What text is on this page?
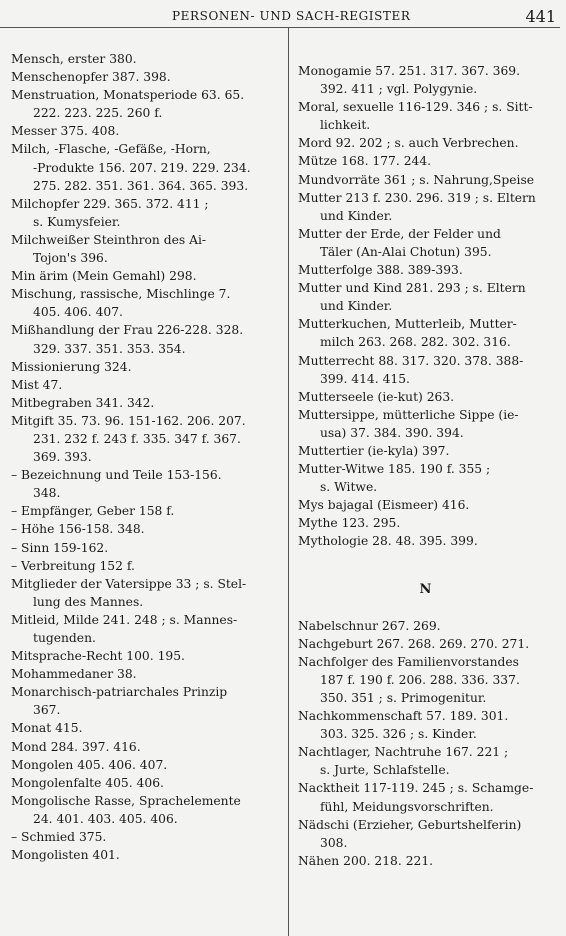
PERSONEN- UND SACH-REGISTER	441
Mensch, erster 380.
Menschenopfer 387. 398.
Menstruation, Monatsperiode 63. 65.
222. 223. 225. 260 f.
Messer 375. 408.
Milch, -Flasche, -Gefäße, -Horn,
-Produkte 156. 207. 219. 229. 234.
275. 282. 351. 361. 364. 365. 393.
Milchopfer 229. 365. 372. 411 ;
s. Kumysfeier.
Milchweißer Steinthron des Ai-
Tojon's 396.
Min ärim (Mein Gemahl) 298.
Mischung, rassische, Mischlinge 7.
405. 406. 407.
Mißhandlung der Frau 226-228. 328.
329. 337. 351. 353. 354.
Missionierung 324.
Mist 47.
Mitbegraben 341. 342.
Mitgift 35. 73. 96. 151-162. 206. 207.
231. 232 f. 243 f. 335. 347 f. 367.
369. 393.
– Bezeichnung und Teile 153-156.
348.
– Empfänger, Geber 158 f.
– Höhe 156-158. 348.
– Sinn 159-162.
– Verbreitung 152 f.
Mitglieder der Vatersippe 33 ; s. Stel-
lung des Mannes.
Mitleid, Milde 241. 248 ; s. Mannes-
tugenden.
Mitsprache-Recht 100. 195.
Mohammedaner 38.
Monarchisch-patriarchales Prinzip
367.
Monat 415.
Mond 284. 397. 416.
Mongolen 405. 406. 407.
Mongolenfalte 405. 406.
Mongolische Rasse, Sprachelemente
24. 401. 403. 405. 406.
– Schmied 375.
Mongolisten 401.
Monogamie 57. 251. 317. 367. 369.
392. 411 ; vgl. Polygynie.
Moral, sexuelle 116-129. 346 ; s. Sitt-
lichkeit.
Mord 92. 202 ; s. auch Verbrechen.
Mütze 168. 177. 244.
Mundvorräte 361 ; s. Nahrung,Speise
Mutter 213 f. 230. 296. 319 ; s. Eltern
und Kinder.
Mutter der Erde, der Felder und
Täler (An-Alai Chotun) 395.
Mutterfolge 388. 389-393.
Mutter und Kind 281. 293 ; s. Eltern
und Kinder.
Mutterkuchen, Mutterleib, Mutter-
milch 263. 268. 282. 302. 316.
Mutterrecht 88. 317. 320. 378. 388-
399. 414. 415.
Mutterseele (ie-kut) 263.
Muttersippe, mütterliche Sippe (ie-
usa) 37. 384. 390. 394.
Muttertier (ie-kyla) 397.
Mutter-Witwe 185. 190 f. 355 ;
s. Witwe.
Mys bajagal (Eismeer) 416.
Mythe 123. 295.
Mythologie 28. 48. 395. 399.
N
Nabelschnur 267. 269.
Nachgeburt 267. 268. 269. 270. 271.
Nachfolger des Familienvorstandes
187 f. 190 f. 206. 288. 336. 337.
350. 351 ; s. Primogenitur.
Nachkommenschaft 57. 189. 301.
303. 325. 326 ; s. Kinder.
Nachtlager, Nachtruhe 167. 221 ;
s. Jurte, Schlafstelle.
Nacktheit 117-119. 245 ; s. Schamge-
fühl, Meidungsvorschriften.
Nädschi (Erzieher, Geburtshelferin)
308.
Nähen 200. 218. 221.
